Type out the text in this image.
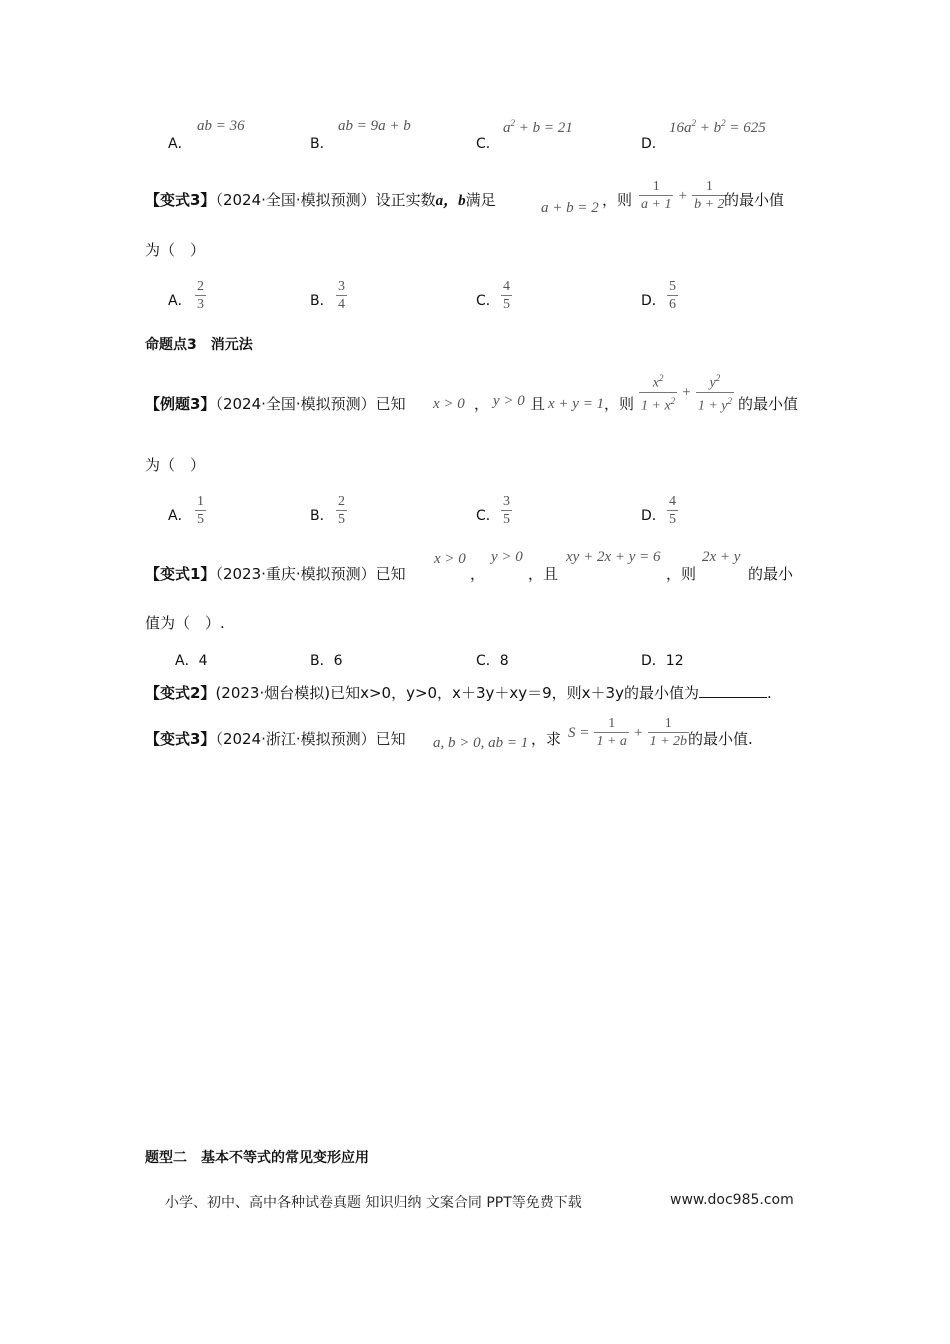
A．
ab = 36
B．
ab = 9a + b
C．
$a^2 + b = 21$
D．
$16a^2 + b^2 = 625$
【变式3】（2024·全国·模拟预测）设正实数a，b满足	a + b = 2 ，则 $\frac{1}{a + 1} + \frac{1}{b + 2}$
的最小值
为（　）
A． $\frac{2}{3}$	B． $\frac{3}{4}$	C． $\frac{4}{5}$	D． $\frac{5}{6}$
命题点3　消元法
【例题3】（2024·全国·模拟预测）已知 x > 0 ， y > 0 且 x + y = 1 ，则 $\frac{x^2}{1 + x^2} + \frac{y^2}{1 + y^2}$ 的最小值
为（　）
A． $\frac{1}{5}$	B． $\frac{2}{5}$	C． $\frac{3}{5}$	D． $\frac{4}{5}$
【变式1】（2023·重庆·模拟预测）已知
x > 0
，
y > 0
，且
xy + 2x + y = 6
，则
2x + y
的最小
值为（　）.
A．4	B．6	C．8	D．12
【变式2】(2023·烟台模拟)已知x>0，y>0，x＋3y＋xy＝9，则x＋3y的最小值为	.
【变式3】（2024·浙江·模拟预测）已知 a, b > 0, ab = 1 ，求 $S = \frac{1}{1 + a} + \frac{1}{1 + 2b}$
的最小值.
题型二　基本不等式的常见变形应用
小学、初中、高中各种试卷真题 知识归纳 文案合同 PPT等免费下载	www.doc985.com
